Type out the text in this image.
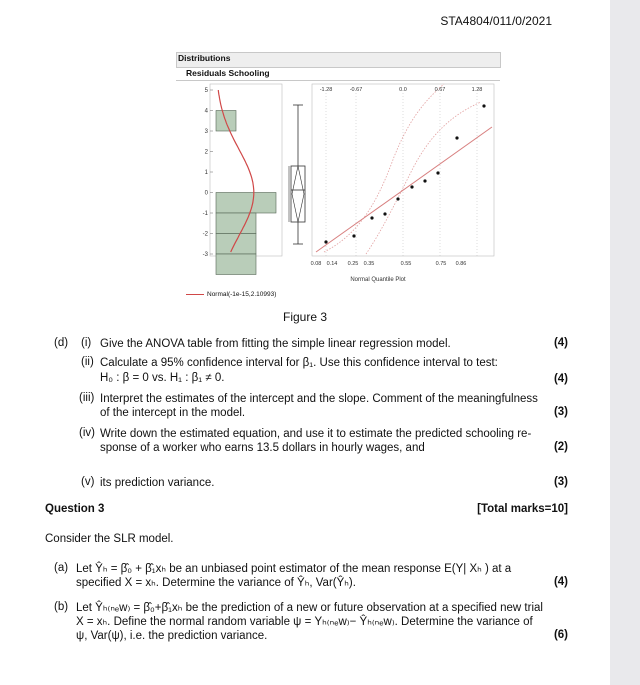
STA4804/011/0/2021
Distributions
Residuals Schooling
5
4
3
2
1
0
-1
-2
-3
-1.28	-0.67	0.0	0.67	1.28
0.08 0.14 0.25 0.35	0.55	0.75 0.86
Normal Quantile Plot
Normal(-1e-15,2.10993)
Figure 3
(d) (i) Give the ANOVA table from fitting the simple linear regression model.	(4)
(ii) Calculate a 95% confidence interval for β₁. Use this confidence interval to test:
H₀ : β = 0 vs. H₁ : β₁ ≠ 0.	(4)
(iii) Interpret the estimates of the intercept and the slope. Comment of the meaningfulness
of the intercept in the model.	(3)
(iv) Write down the estimated equation, and use it to estimate the predicted schooling re-
sponse of a worker who earns 13.5 dollars in hourly wages, and	(2)
(v) its prediction variance.	(3)
Question 3	[Total marks=10]
Consider the SLR model.
(a) Let Ŷₕ = β̂₀ + β̂₁xₕ be an unbiased point estimator of the mean response E(Y| Xₕ ) at a
specified X = xₕ. Determine the variance of Ŷₕ, Var(Ŷₕ).	(4)
(b) Let Ŷₕ₍ₙₑw₎ = β̂₀+β̂₁xₕ be the prediction of a new or future observation at a specified new trial
X = xₕ. Define the normal random variable ψ = Yₕ₍ₙₑw₎− Ŷₕ₍ₙₑw₎. Determine the variance of
ψ, Var(ψ), i.e. the prediction variance.	(6)
